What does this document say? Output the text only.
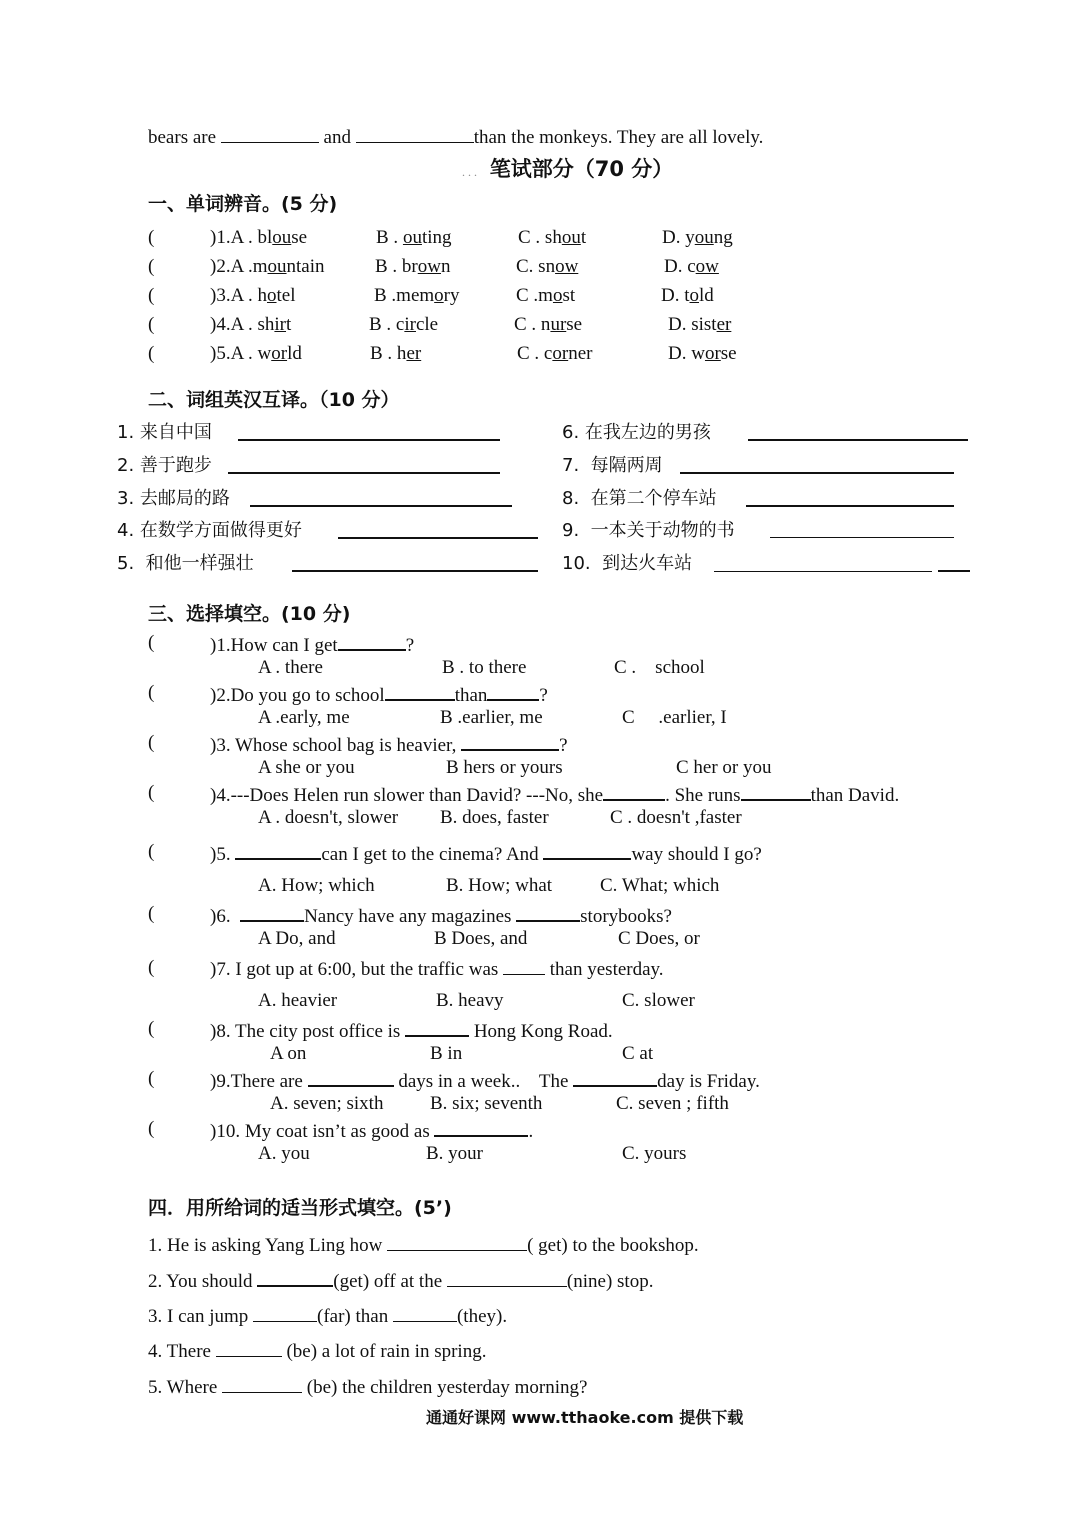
bears are	and	than the monkeys. They are all lovely.
. . . 笔试部分（70 分）
一、单词辨音。(5 分)
(	)1.A . blouse	B . outing	C . shout	D. young
(	)2.A .mountain	B . brown	C. snow	D. cow
(	)3.A . hotel	B .memory	C .most	D. told
(	)4.A . shirt	B . circle	C . nurse	D. sister
(	)5.A . world	B . her	C . corner	D. worse
二、词组英汉互译。（10 分）
1. 来自中国
2. 善于跑步
3. 去邮局的路
4. 在数学方面做得更好
5.  和他一样强壮
6. 在我左边的男孩
7.  每隔两周
8.  在第二个停车站
9.  一本关于动物的书
10.  到达火车站
三、选择填空。(10 分)
(	)1.How can I get	?
A . there	B . to there	C .    school
(	)2.Do you go to school	than	?
A .early, me	B .earlier, me	C     .earlier, I
(	)3. Whose school bag is heavier,	?
A she or you	B hers or yours	C her or you
(	)4.---Does Helen run slower than David? ---No, she	. She runs	than David.
A . doesn't, slower B. does, faster	C . doesn't ,faster
(	)5.	can I get to the cinema? And	way should I go?
A. How; which	B. How; what	C. What; which
(	)6.	Nancy have any magazines	storybooks?
A Do, and	B Does, and	C Does, or
(	)7. I got up at 6:00, but the traffic was  than yesterday.
A. heavier	B. heavy	C. slower
(	)8. The city post office is	Hong Kong Road.
A on	B in	C at
(	)9.There are	days in a week..    The	day is Friday.
A. seven; sixth B. six; seventh	C. seven ; fifth
(	)10. My coat isn’t as good as	.
A. you	B. your	C. yours
四．用所给词的适当形式填空。(5’)
1. He is asking Yang Ling how	( get) to the bookshop.
2. You should	(get) off at the	(nine) stop.
3. I can jump	(far) than	(they).
4. There	(be) a lot of rain in spring.
5. Where	(be) the children yesterday morning?
通通好课网 www.tthaoke.com 提供下载
